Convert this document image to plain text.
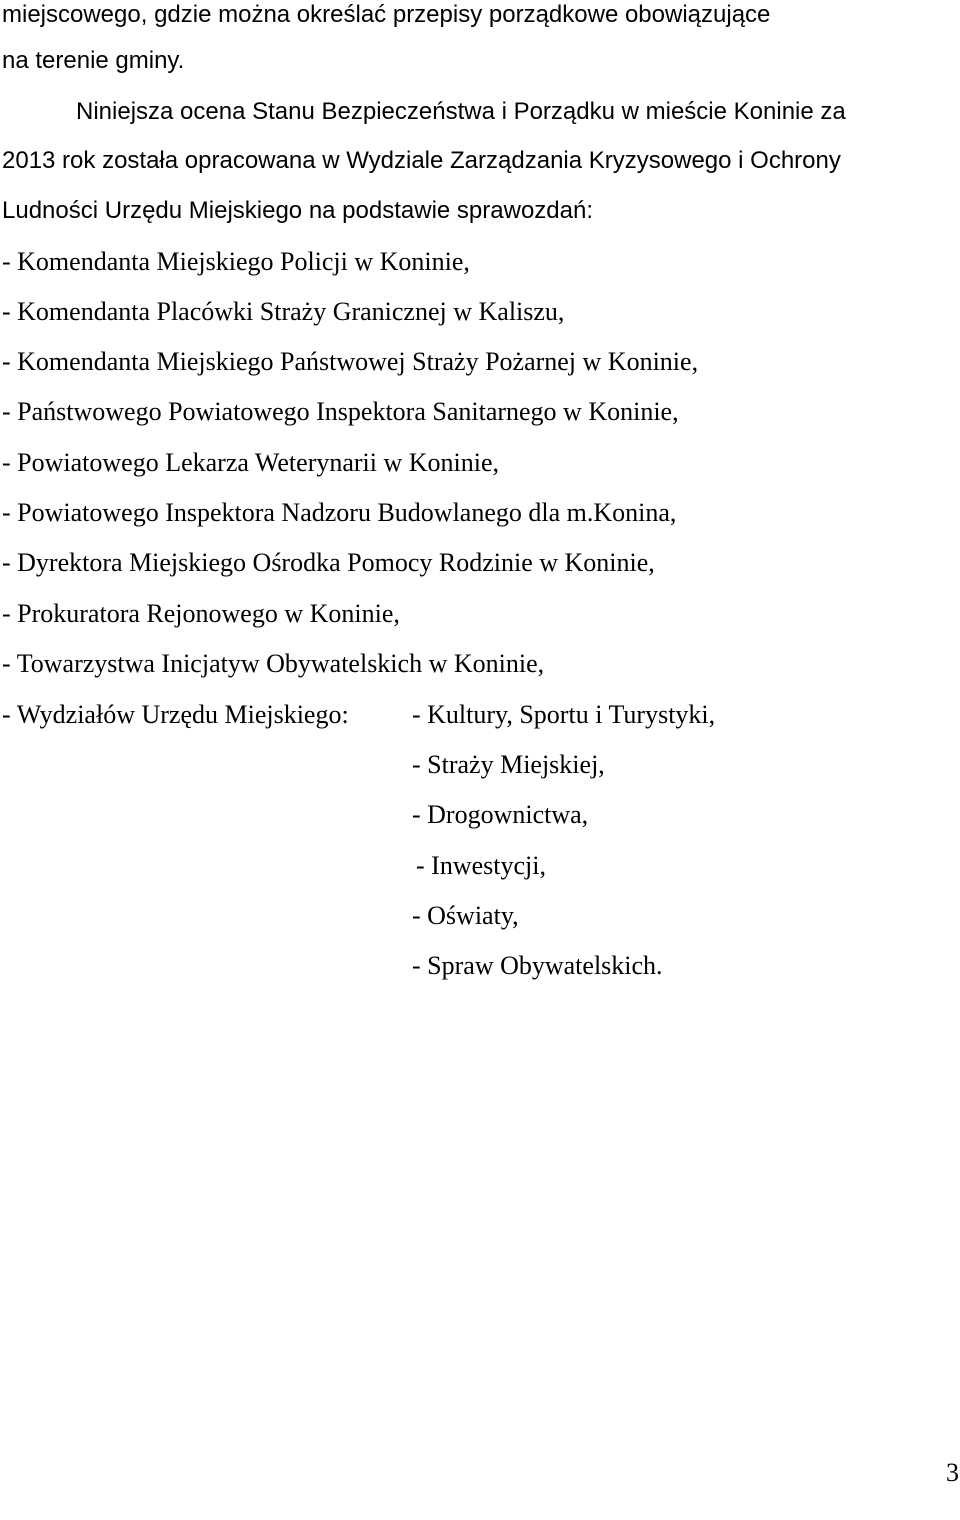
miejscowego, gdzie można określać przepisy porządkowe obowiązujące
na terenie gminy.
Niniejsza ocena Stanu Bezpieczeństwa i Porządku w mieście Koninie za
2013 rok została opracowana w Wydziale Zarządzania Kryzysowego i Ochrony
Ludności Urzędu Miejskiego na podstawie sprawozdań:
- Komendanta Miejskiego Policji w Koninie,
- Komendanta Placówki Straży Granicznej w Kaliszu,
- Komendanta Miejskiego Państwowej Straży Pożarnej w Koninie,
- Państwowego Powiatowego Inspektora Sanitarnego w Koninie,
- Powiatowego Lekarza Weterynarii w Koninie,
- Powiatowego Inspektora Nadzoru Budowlanego dla m.Konina,
- Dyrektora Miejskiego Ośrodka Pomocy Rodzinie w Koninie,
- Prokuratora Rejonowego w Koninie,
- Towarzystwa Inicjatyw Obywatelskich w Koninie,
- Wydziałów Urzędu Miejskiego: - Kultury, Sportu i Turystyki,
- Straży Miejskiej,
- Drogownictwa,
- Inwestycji,
- Oświaty,
- Spraw Obywatelskich.
3
